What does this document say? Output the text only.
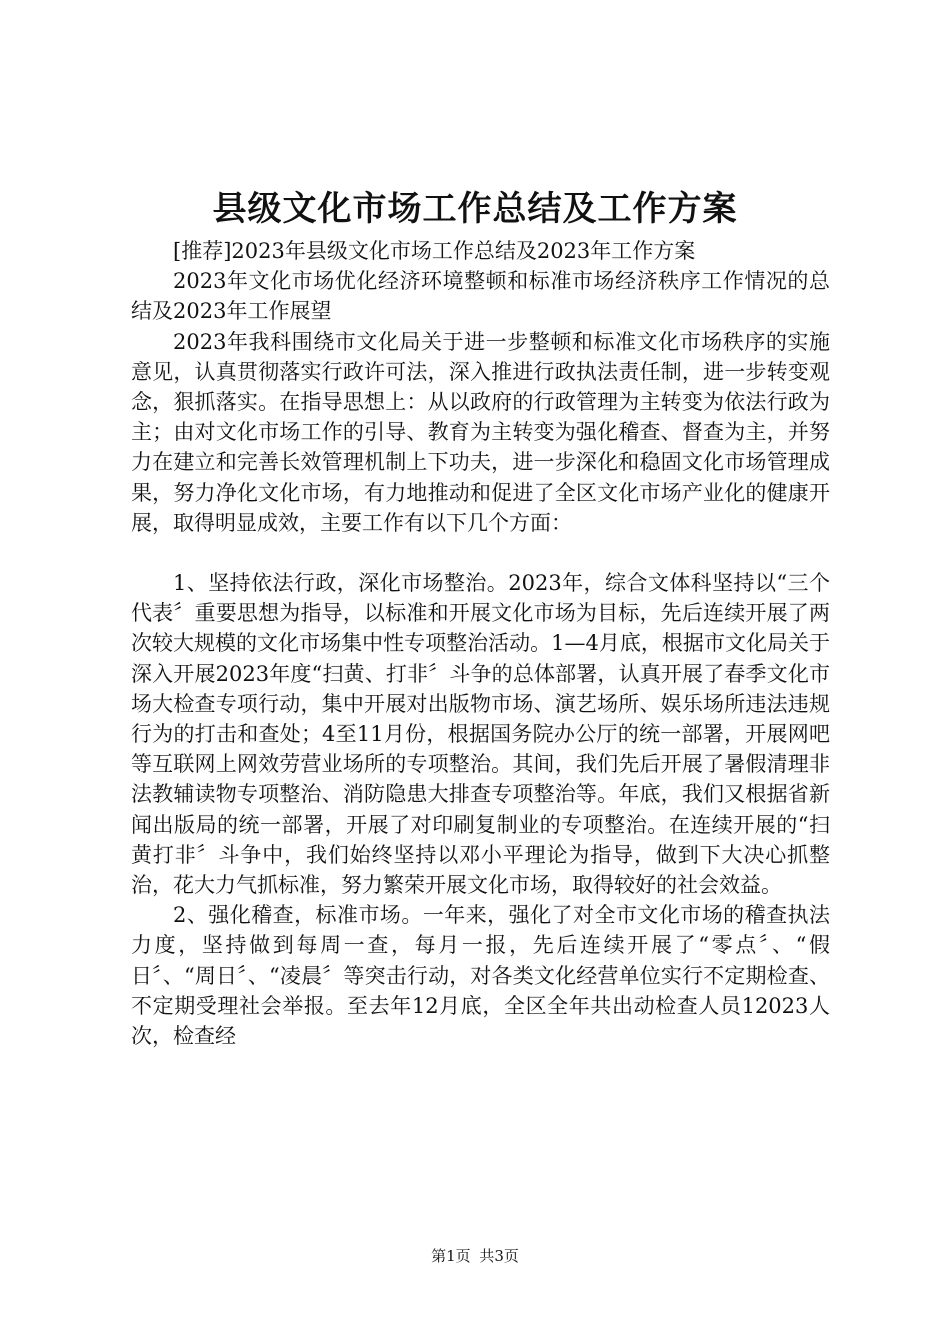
县级文化市场工作总结及工作方案

[推荐]2023年县级文化市场工作总结及2023年工作方案

2023年文化市场优化经济环境整顿和标准市场经济秩序工作情况的总结及2023年工作展望

2023年我科围绕市文化局关于进一步整顿和标准文化市场秩序的实施意见，认真贯彻落实行政许可法，深入推进行政执法责任制，进一步转变观念，狠抓落实。在指导思想上：从以政府的行政管理为主转变为依法行政为主；由对文化市场工作的引导、教育为主转变为强化稽查、督查为主，并努力在建立和完善长效管理机制上下功夫，进一步深化和稳固文化市场管理成果，努力净化文化市场，有力地推动和促进了全区文化市场产业化的健康开展，取得明显成效，主要工作有以下几个方面：

1、坚持依法行政，深化市场整治。2023年，综合文体科坚持以“三个代表〞重要思想为指导，以标准和开展文化市场为目标，先后连续开展了两次较大规模的文化市场集中性专项整治活动。1—4月底，根据市文化局关于深入开展2023年度“扫黄、打非〞斗争的总体部署，认真开展了春季文化市场大检查专项行动，集中开展对出版物市场、演艺场所、娱乐场所违法违规行为的打击和查处；4至11月份，根据国务院办公厅的统一部署，开展网吧等互联网上网效劳营业场所的专项整治。其间，我们先后开展了暑假清理非法教辅读物专项整治、消防隐患大排查专项整治等。年底，我们又根据省新闻出版局的统一部署，开展了对印刷复制业的专项整治。在连续开展的“扫黄打非〞斗争中，我们始终坚持以邓小平理论为指导，做到下大决心抓整治，花大力气抓标准，努力繁荣开展文化市场，取得较好的社会效益。

2、强化稽查，标准市场。一年来，强化了对全市文化市场的稽查执法力度，坚持做到每周一查，每月一报，先后连续开展了“零点〞、“假日〞、“周日〞、“凌晨〞等突击行动，对各类文化经营单位实行不定期检查、不定期受理社会举报。至去年12月底，全区全年共出动检查人员12023人次，检查经

第1页 共3页
